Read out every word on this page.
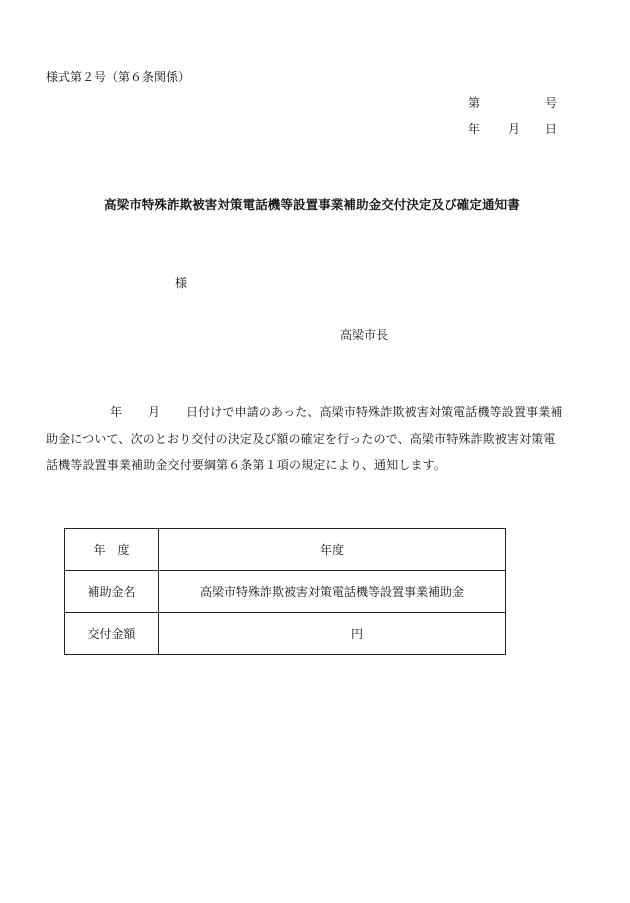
様式第２号（第６条関係）
第	号
年 月 日
高梁市特殊詐欺被害対策電話機等設置事業補助金交付決定及び確定通知書
様
高梁市長
年 月 日付けで申請のあった、高梁市特殊詐欺被害対策電話機等設置事業補
助金について、次のとおり交付の決定及び額の確定を行ったので、高梁市特殊詐欺被害対策電
話機等設置事業補助金交付要綱第６条第１項の規定により、通知します。
年　度	年度
補助金名	高梁市特殊詐欺被害対策電話機等設置事業補助金
交付金額	円
